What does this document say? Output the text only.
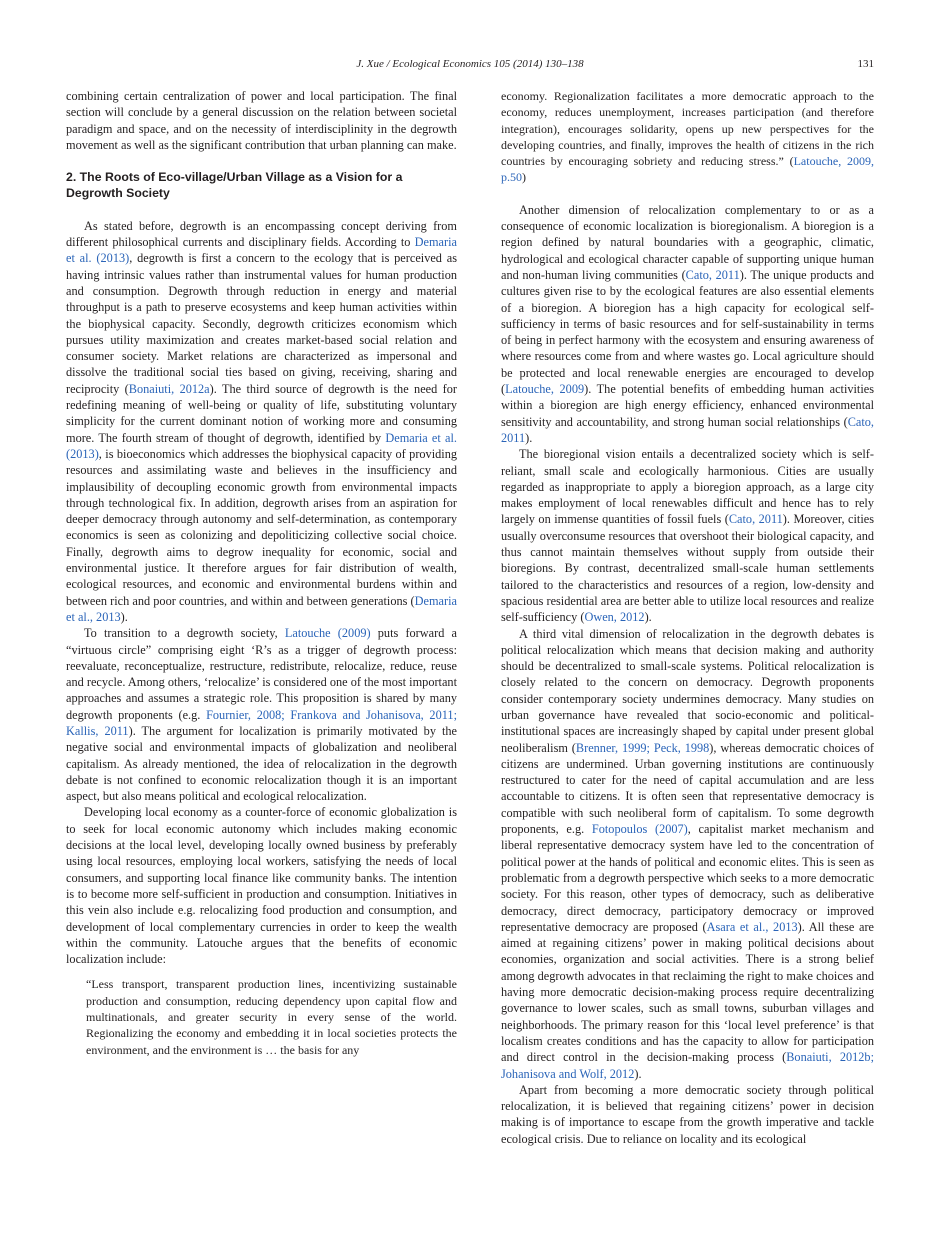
J. Xue / Ecological Economics 105 (2014) 130–138	131

combining certain centralization of power and local participation. The final section will conclude by a general discussion on the relation between societal paradigm and space, and on the necessity of interdisciplinity in the degrowth movement as well as the significant contribution that urban planning can make.

2. The Roots of Eco-village/Urban Village as a Vision for a Degrowth Society

As stated before, degrowth is an encompassing concept deriving from different philosophical currents and disciplinary fields. According to Demaria et al. (2013), degrowth is first a concern to the ecology that is perceived as having intrinsic values rather than instrumental values for human production and consumption. Degrowth through reduction in energy and material throughput is a path to preserve ecosystems and keep human activities within the biophysical capacity. Secondly, degrowth criticizes economism which pursues utility maximization and creates market-based social relation and consumer society. Market relations are characterized as impersonal and dissolve the traditional social ties based on giving, receiving, sharing and reciprocity (Bonaiuti, 2012a). The third source of degrowth is the need for redefining meaning of well-being or quality of life, substituting voluntary simplicity for the current dominant notion of working more and consuming more. The fourth stream of thought of degrowth, identified by Demaria et al. (2013), is bioeconomics which addresses the biophysical capacity of providing resources and assimilating waste and believes in the insufficiency and implausibility of decoupling economic growth from environmental impacts through technological fix. In addition, degrowth arises from an aspiration for deeper democracy through autonomy and self-determination, as contemporary economics is seen as colonizing and depoliticizing collective social choice. Finally, degrowth aims to degrow inequality for economic, social and environmental justice. It therefore argues for fair distribution of wealth, ecological resources, and economic and environmental burdens within and between rich and poor countries, and within and between generations (Demaria et al., 2013).

To transition to a degrowth society, Latouche (2009) puts forward a “virtuous circle” comprising eight ‘R’s as a trigger of degrowth process: reevaluate, reconceptualize, restructure, redistribute, relocalize, reduce, reuse and recycle. Among others, ‘relocalize’ is considered one of the most important approaches and assumes a strategic role. This proposition is shared by many degrowth proponents (e.g. Fournier, 2008; Frankova and Johanisova, 2011; Kallis, 2011). The argument for localization is primarily motivated by the negative social and environmental impacts of globalization and neoliberal capitalism. As already mentioned, the idea of relocalization in the degrowth debate is not confined to economic relocalization though it is an important aspect, but also means political and ecological relocalization.

Developing local economy as a counter-force of economic globalization is to seek for local economic autonomy which includes making economic decisions at the local level, developing locally owned business by preferably using local resources, employing local workers, satisfying the needs of local consumers, and supporting local finance like community banks. The intention is to become more self-sufficient in production and consumption. Initiatives in this vein also include e.g. relocalizing food production and consumption, and development of local complementary currencies in order to keep the wealth within the community. Latouche argues that the benefits of economic localization include:

“Less transport, transparent production lines, incentivizing sustainable production and consumption, reducing dependency upon capital flow and multinationals, and greater security in every sense of the world. Regionalizing the economy and embedding it in local societies protects the environment, and the environment is … the basis for any

economy. Regionalization facilitates a more democratic approach to the economy, reduces unemployment, increases participation (and therefore integration), encourages solidarity, opens up new perspectives for the developing countries, and finally, improves the health of citizens in the rich countries by encouraging sobriety and reducing stress.” (Latouche, 2009, p.50)

Another dimension of relocalization complementary to or as a consequence of economic localization is bioregionalism. A bioregion is a region defined by natural boundaries with a geographic, climatic, hydrological and ecological character capable of supporting unique human and non-human living communities (Cato, 2011). The unique products and cultures given rise to by the ecological features are also essential elements of a bioregion. A bioregion has a high capacity for ecological self-sufficiency in terms of basic resources and for self-sustainability in terms of being in perfect harmony with the ecosystem and ensuring awareness of where resources come from and where wastes go. Local agriculture should be protected and local renewable energies are encouraged to develop (Latouche, 2009). The potential benefits of embedding human activities within a bioregion are high energy efficiency, enhanced environmental sensitivity and accountability, and strong human social relationships (Cato, 2011).

The bioregional vision entails a decentralized society which is self-reliant, small scale and ecologically harmonious. Cities are usually regarded as inappropriate to apply a bioregion approach, as a large city makes employment of local renewables difficult and hence has to rely largely on immense quantities of fossil fuels (Cato, 2011). Moreover, cities usually overconsume resources that overshoot their biological capacity, and thus cannot maintain themselves without supply from outside their bioregions. By contrast, decentralized small-scale human settlements tailored to the characteristics and resources of a region, low-density and spacious residential area are better able to utilize local resources and realize self-sufficiency (Owen, 2012).

A third vital dimension of relocalization in the degrowth debates is political relocalization which means that decision making and authority should be decentralized to small-scale systems. Political relocalization is closely related to the concern on democracy. Degrowth proponents consider contemporary society undermines democracy. Many studies on urban governance have revealed that socio-economic and political-institutional spaces are increasingly shaped by capital under present global neoliberalism (Brenner, 1999; Peck, 1998), whereas democratic choices of citizens are undermined. Urban governing institutions are continuously restructured to cater for the need of capital accumulation and are less accountable to citizens. It is often seen that representative democracy is compatible with such neoliberal form of capitalism. To some degrowth proponents, e.g. Fotopoulos (2007), capitalist market mechanism and liberal representative democracy system have led to the concentration of political power at the hands of political and economic elites. This is seen as problematic from a degrowth perspective which seeks to a more democratic society. For this reason, other types of democracy, such as deliberative democracy, direct democracy, participatory democracy or improved representative democracy are proposed (Asara et al., 2013). All these are aimed at regaining citizens’ power in making political decisions about economies, organization and social activities. There is a strong belief among degrowth advocates in that reclaiming the right to make choices and having more democratic decision-making process require decentralizing governance to lower scales, such as small towns, suburban villages and neighborhoods. The primary reason for this ‘local level preference’ is that localism creates conditions and has the capacity to allow for participation and direct control in the decision-making process (Bonaiuti, 2012b; Johanisova and Wolf, 2012).

Apart from becoming a more democratic society through political relocalization, it is believed that regaining citizens’ power in decision making is of importance to escape from the growth imperative and tackle ecological crisis. Due to reliance on locality and its ecological
